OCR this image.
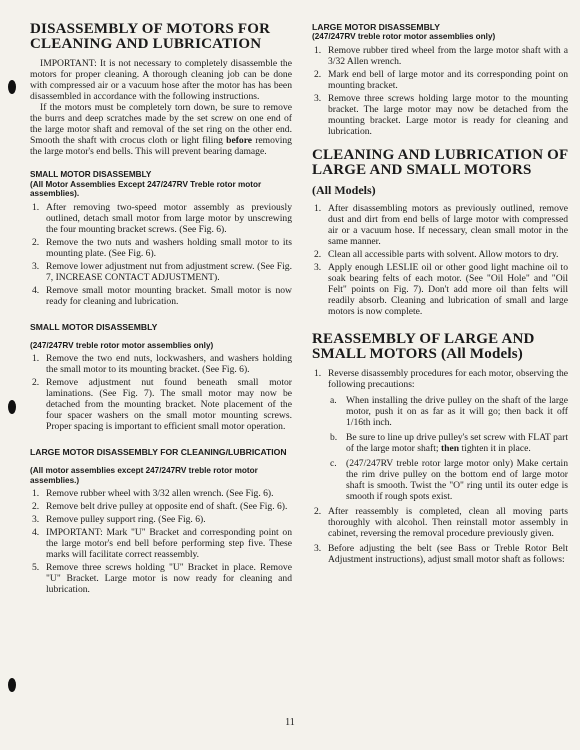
DISASSEMBLY OF MOTORS FOR CLEANING AND LUBRICATION

IMPORTANT: It is not necessary to completely disassemble the motors for proper cleaning. A thorough cleaning job can be done with compressed air or a vacuum hose after the motor has has been disassembled in accordance with the following instructions.

If the motors must be completely torn down, be sure to remove the burrs and deep scratches made by the set screw on one end of the large motor shaft and removal of the set ring on the other end. Smooth the shaft with crocus cloth or light filing before removing the large motor's end bells. This will prevent bearing damage.

SMALL MOTOR DISASSEMBLY
(All Motor Assemblies Except 247/247RV Treble rotor motor assemblies).
1. After removing two-speed motor assembly as previously outlined, detach small motor from large motor by unscrewing the four mounting bracket screws. (See Fig. 6).
2. Remove the two nuts and washers holding small motor to its mounting plate. (See Fig. 6).
3. Remove lower adjustment nut from adjustment screw. (See Fig. 7, INCREASE CONTACT ADJUSTMENT).
4. Remove small motor mounting bracket. Small motor is now ready for cleaning and lubrication.
SMALL MOTOR DISASSEMBLY
(247/247RV treble rotor motor assemblies only)
1. Remove the two end nuts, lockwashers, and washers holding the small motor to its mounting bracket. (See Fig. 6).
2. Remove adjustment nut found beneath small motor laminations. (See Fig. 7). The small motor may now be detached from the mounting bracket. Note placement of the four spacer washers on the small motor mounting screws. Proper spacing is important to efficient small motor operation.
LARGE MOTOR DISASSEMBLY FOR CLEANING/LUBRICATION
(All motor assemblies except 247/247RV treble rotor motor assemblies.)
1. Remove rubber wheel with 3/32 allen wrench. (See Fig. 6).
2. Remove belt drive pulley at opposite end of shaft. (See Fig. 6).
3. Remove pulley support ring. (See Fig. 6).
4. IMPORTANT: Mark "U" Bracket and corresponding point on the large motor's end bell before performing step five. These marks will facilitate correct reassembly.
5. Remove three screws holding "U" Bracket in place. Remove "U" Bracket. Large motor is now ready for cleaning and lubrication.
LARGE MOTOR DISASSEMBLY
(247/247RV treble rotor motor assemblies only)
1. Remove rubber tired wheel from the large motor shaft with a 3/32 Allen wrench.
2. Mark end bell of large motor and its corresponding point on mounting bracket.
3. Remove three screws holding large motor to the mounting bracket. The large motor may now be detached from the mounting bracket. Large motor is ready for cleaning and lubrication.
CLEANING AND LUBRICATION OF LARGE AND SMALL MOTORS
(All Models)
1. After disassembling motors as previously outlined, remove dust and dirt from end bells of large motor with compressed air or a vacuum hose. If necessary, clean small motor in the same manner.
2. Clean all accessible parts with solvent. Allow motors to dry.
3. Apply enough LESLIE oil or other good light machine oil to soak bearing felts of each motor. (See "Oil Hole" and "Oil Felt" points on Fig. 7). Don't add more oil than felts will readily absorb. Cleaning and lubrication of small and large motors is now complete.
REASSEMBLY OF LARGE AND SMALL MOTORS (All Models)
1. Reverse disassembly procedures for each motor, observing the following precautions:
a. When installing the drive pulley on the shaft of the large motor, push it on as far as it will go; then back it off 1/16th inch.
b. Be sure to line up drive pulley's set screw with FLAT part of the large motor shaft; then tighten it in place.
c. (247/247RV treble rotor large motor only) Make certain the rim drive pulley on the bottom end of large motor shaft is smooth. Twist the "O" ring until its outer edge is smooth if rough spots exist.
2. After reassembly is completed, clean all moving parts thoroughly with alcohol. Then reinstall motor assembly in cabinet, reversing the removal procedure previously given.
3. Before adjusting the belt (see Bass or Treble Rotor Belt Adjustment instructions), adjust small motor shaft as follows:
11
